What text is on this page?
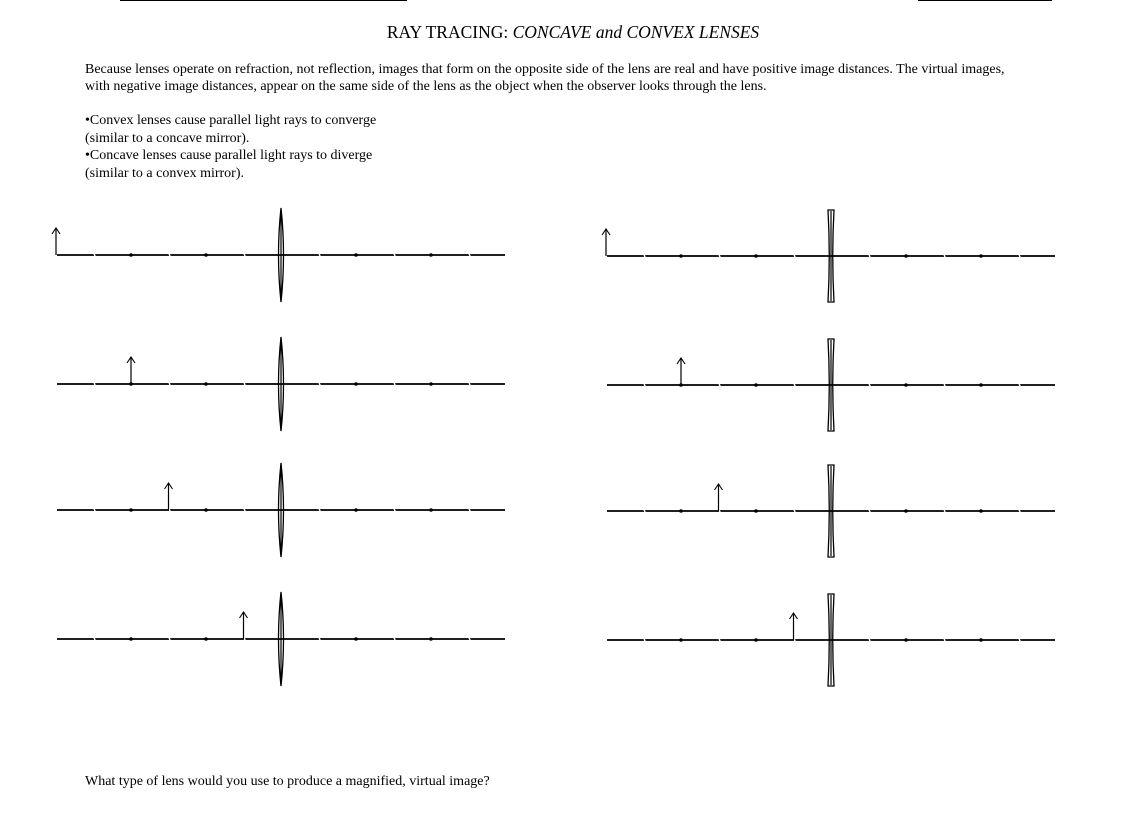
RAY TRACING: CONCAVE and CONVEX LENSES

Because lenses operate on refraction, not reflection, images that form on the opposite side of the lens are real and have positive image distances. The virtual images, with negative image distances, appear on the same side of the lens as the object when the observer looks through the lens.

•Convex lenses cause parallel light rays to converge
(similar to a concave mirror).
•Concave lenses cause parallel light rays to diverge
(similar to a convex mirror).
What type of lens would you use to produce a magnified, virtual image?
